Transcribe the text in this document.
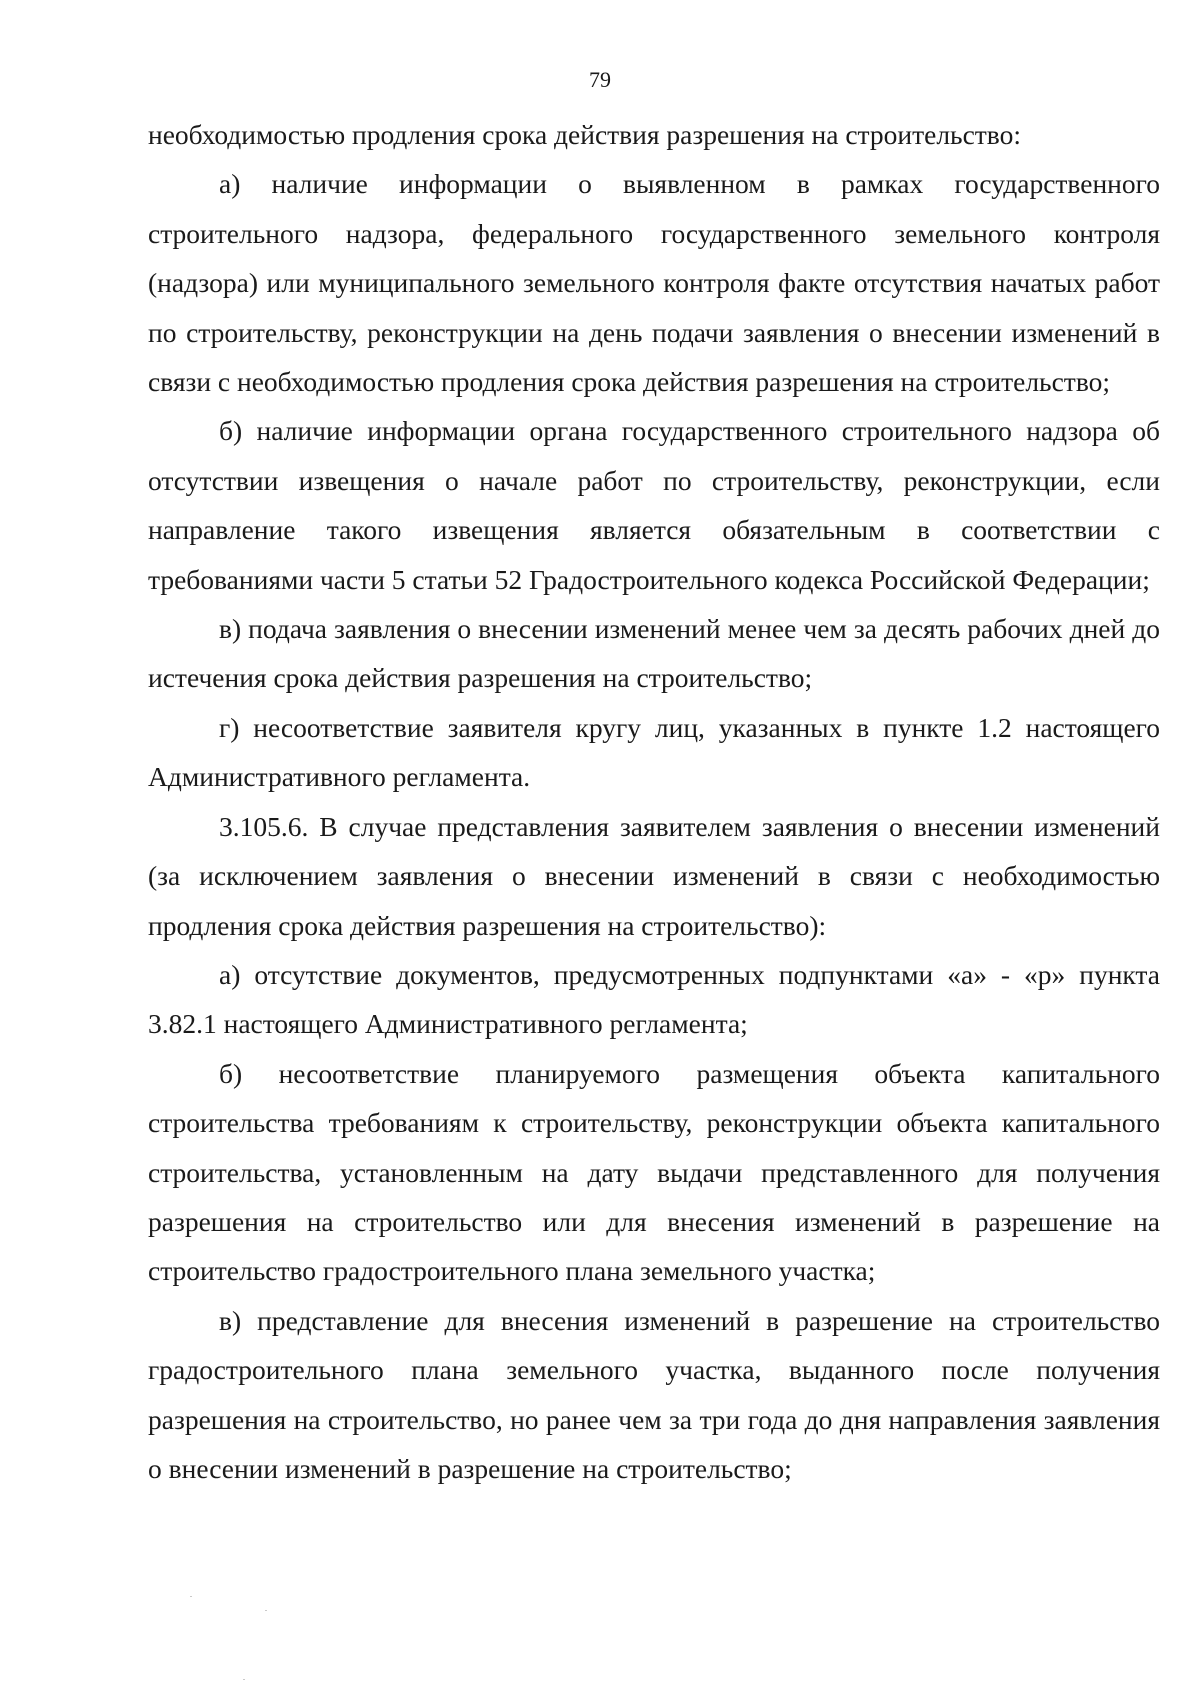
79

необходимостью продления срока действия разрешения на строительство:

а) наличие информации о выявленном в рамках государственного строительного надзора, федерального государственного земельного контроля (надзора) или муниципального земельного контроля факте отсутствия начатых работ по строительству, реконструкции на день подачи заявления о внесении изменений в связи с необходимостью продления срока действия разрешения на строительство;

б) наличие информации органа государственного строительного надзора об отсутствии извещения о начале работ по строительству, реконструкции, если направление такого извещения является обязательным в соответствии с требованиями части 5 статьи 52 Градостроительного кодекса Российской Федерации;

в) подача заявления о внесении изменений менее чем за десять рабочих дней до истечения срока действия разрешения на строительство;

г) несоответствие заявителя кругу лиц, указанных в пункте 1.2 настоящего Административного регламента.

3.105.6. В случае представления заявителем заявления о внесении изменений (за исключением заявления о внесении изменений в связи с необходимостью продления срока действия разрешения на строительство):

а) отсутствие документов, предусмотренных подпунктами «а» - «р» пункта 3.82.1 настоящего Административного регламента;

б) несоответствие планируемого размещения объекта капитального строительства требованиям к строительству, реконструкции объекта капитального строительства, установленным на дату выдачи представленного для получения разрешения на строительство или для внесения изменений в разрешение на строительство градостроительного плана земельного участка;

в) представление для внесения изменений в разрешение на строительство градостроительного плана земельного участка, выданного после получения разрешения на строительство, но ранее чем за три года до дня направления заявления о внесении изменений в разрешение на строительство;
